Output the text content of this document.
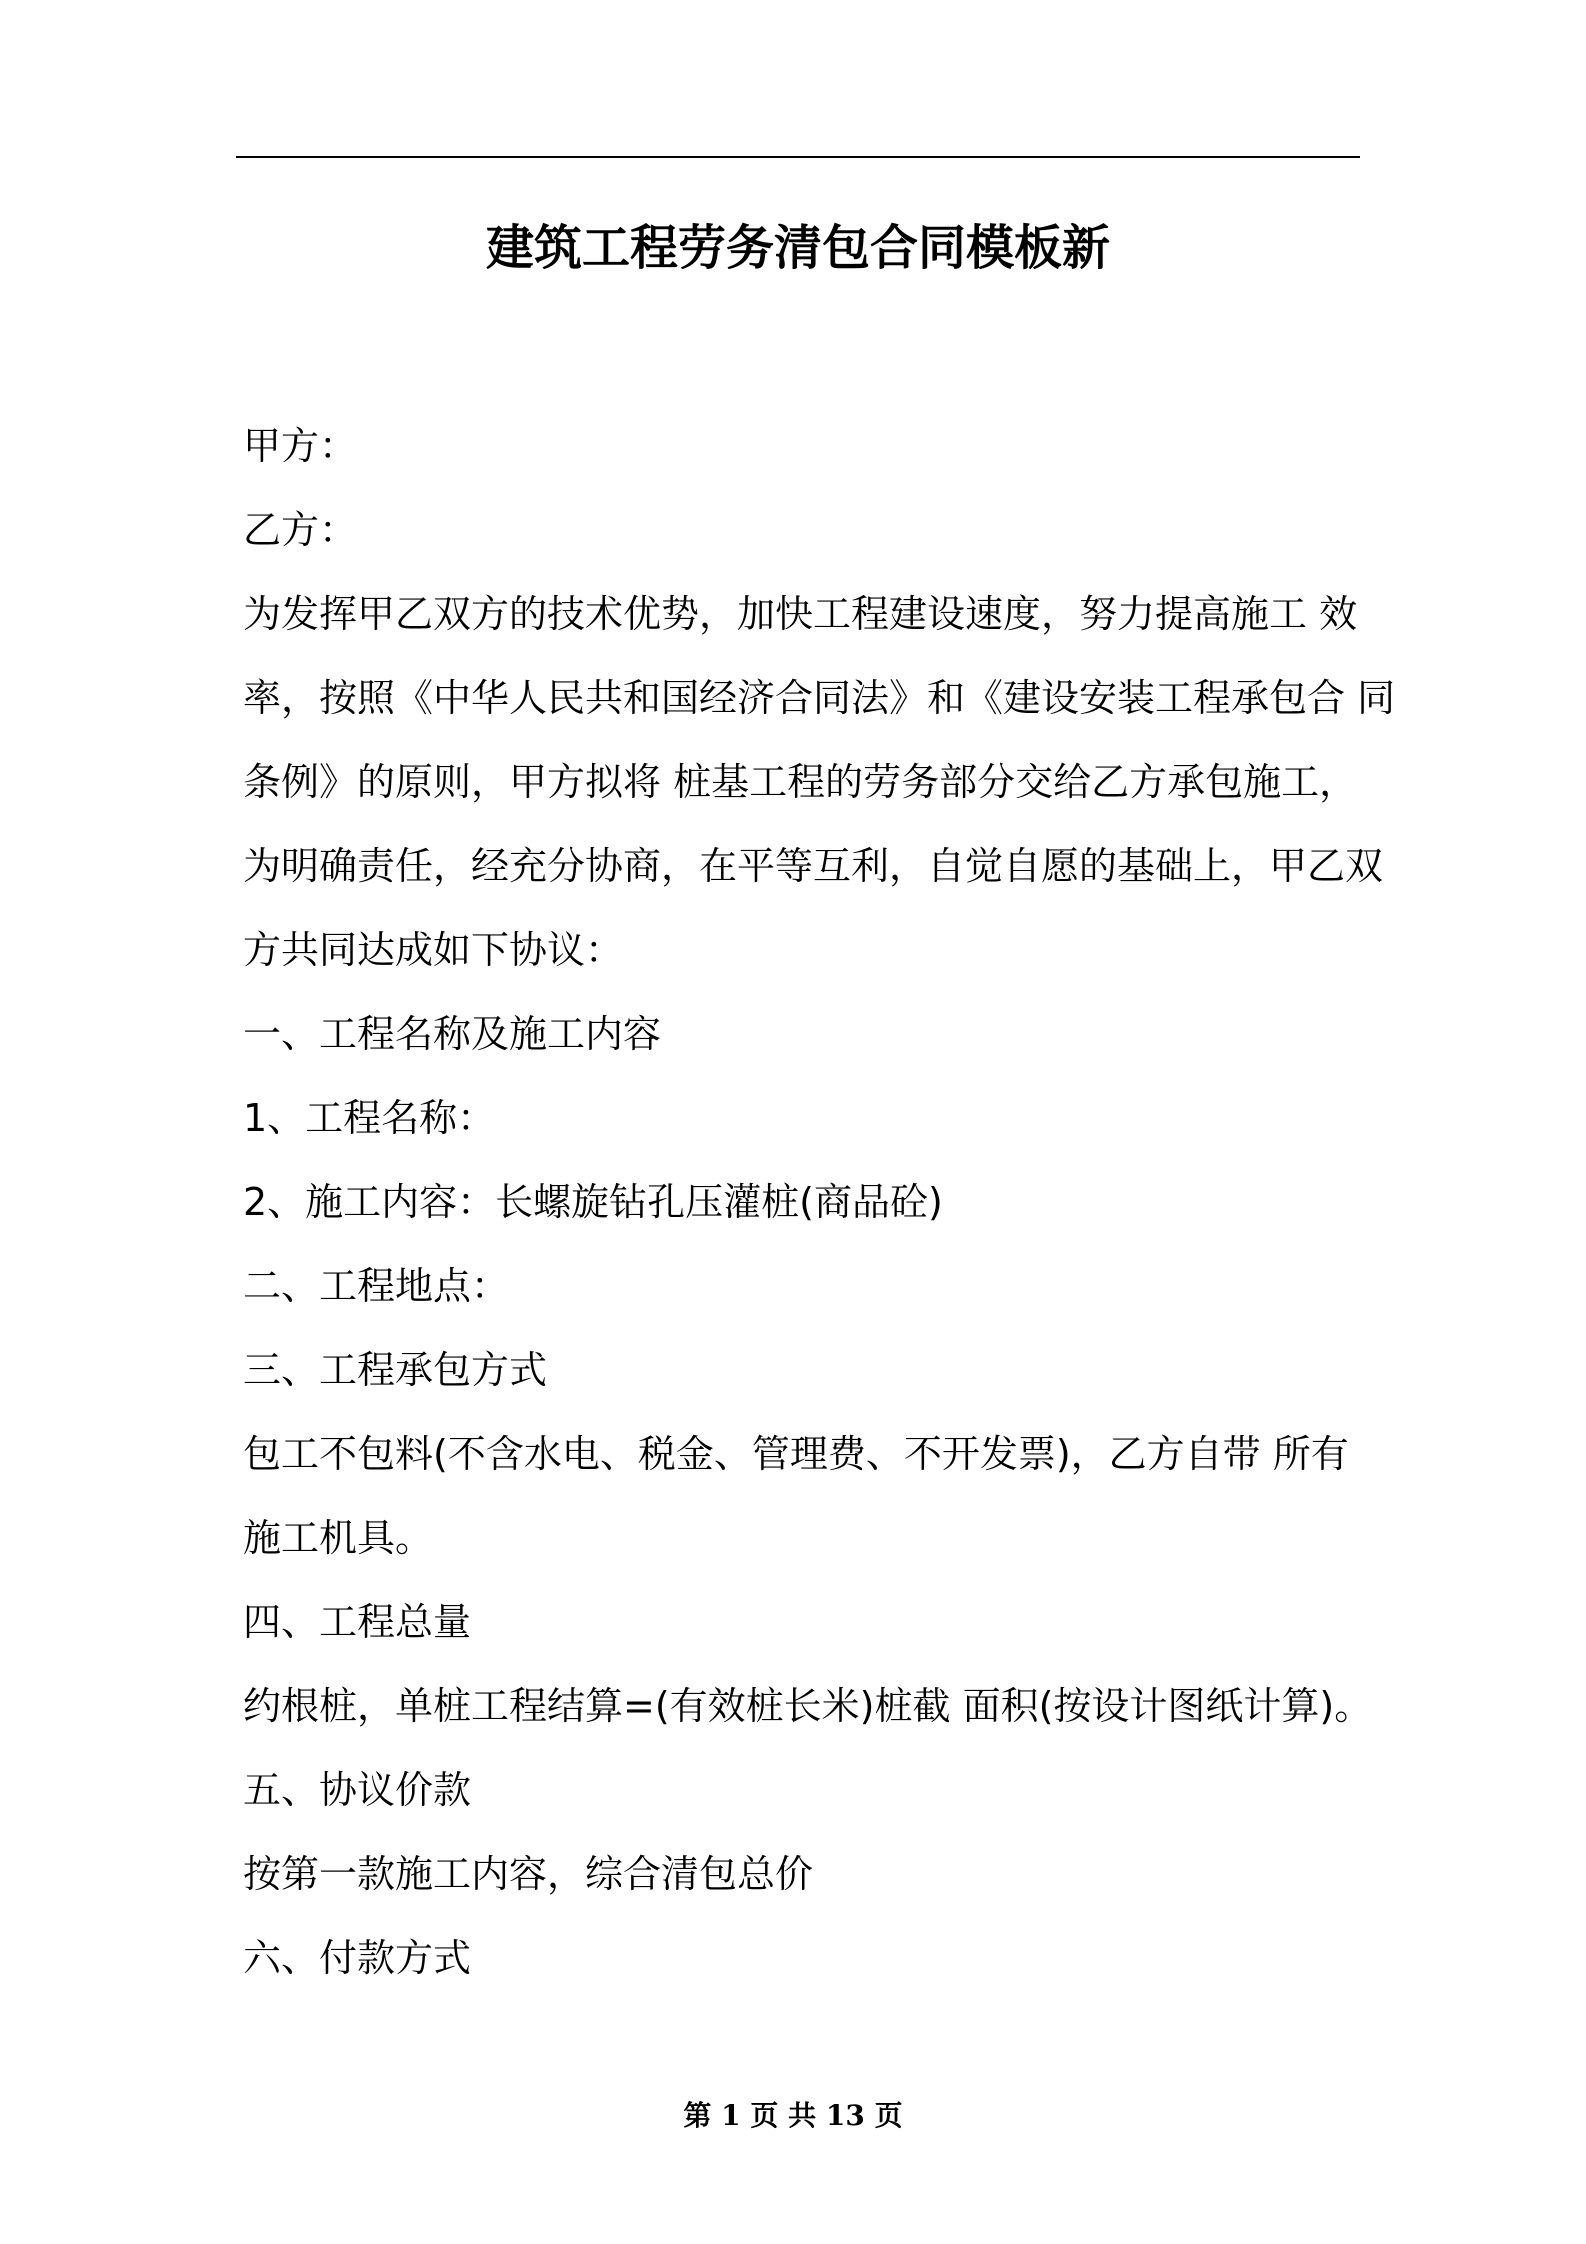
建筑工程劳务清包合同模板新
甲方：
乙方：
为发挥甲乙双方的技术优势，加快工程建设速度，努力提高施工 效
率，按照《中华人民共和国经济合同法》和《建设安装工程承包合 同
条例》的原则，甲方拟将 桩基工程的劳务部分交给乙方承包施工，
为明确责任，经充分协商，在平等互利，自觉自愿的基础上，甲乙双
方共同达成如下协议：
一、工程名称及施工内容
1、工程名称：
2、施工内容：长螺旋钻孔压灌桩(商品砼)
二、工程地点：
三、工程承包方式
包工不包料(不含水电、税金、管理费、不开发票)，乙方自带 所有
施工机具。
四、工程总量
约根桩，单桩工程结算=(有效桩长米)桩截 面积(按设计图纸计算)。
五、协议价款
按第一款施工内容，综合清包总价
六、付款方式
第 1 页 共 13 页
